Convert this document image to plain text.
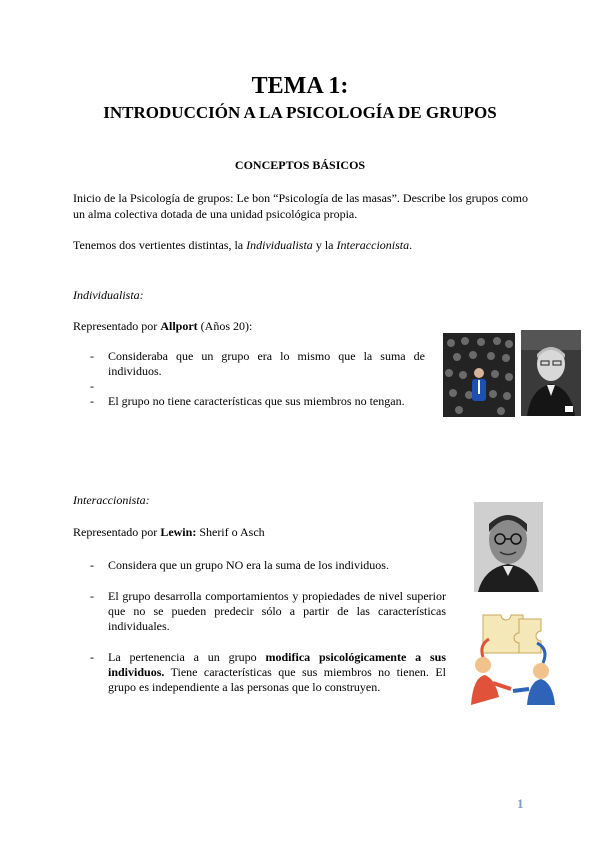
TEMA 1:
INTRODUCCIÓN A LA PSICOLOGÍA DE GRUPOS
CONCEPTOS BÁSICOS

Inicio de la Psicología de grupos: Le bon “Psicología de las masas”. Describe los grupos como un alma colectiva dotada de una unidad psicológica propia.

Tenemos dos vertientes distintas, la Individualista y la Interaccionista.

Individualista:

Representado por Allport (Años 20):

- Consideraba que un grupo era lo mismo que la suma de individuos.
-

- El grupo no tiene características que sus miembros no tengan.

Interaccionista:

Representado por Lewin: Sherif o Asch

- Considera que un grupo NO era la suma de los individuos.
- El grupo desarrolla comportamientos y propiedades de nivel superior que no se pueden predecir sólo a partir de las características individuales.
- La pertenencia a un grupo modifica psicológicamente a sus individuos. Tiene características que sus miembros no tienen. El grupo es independiente a las personas que lo construyen.
1
